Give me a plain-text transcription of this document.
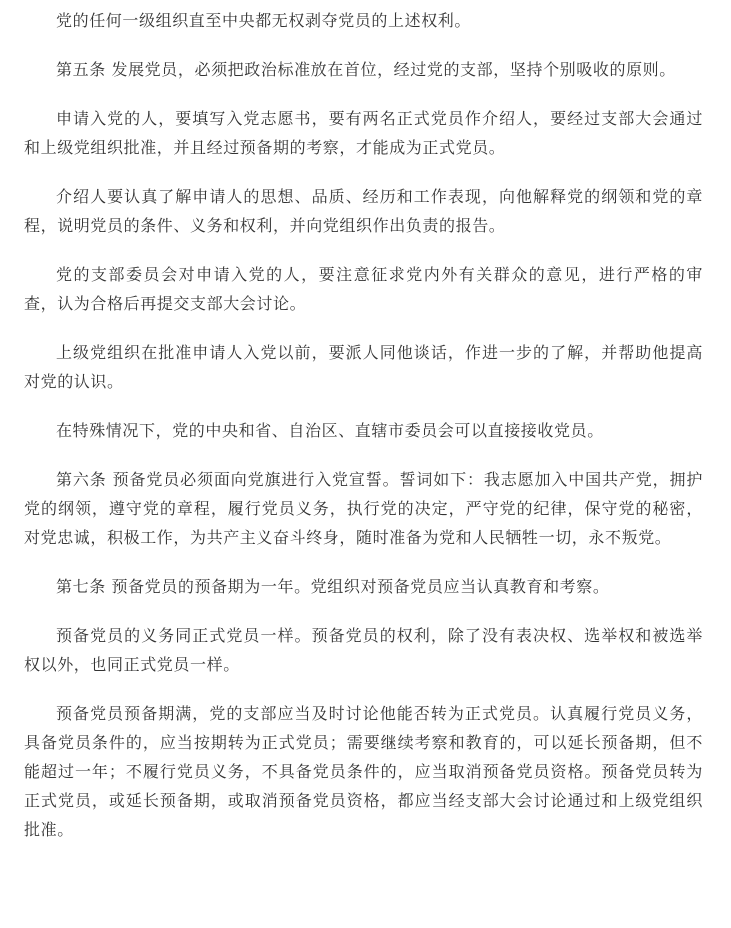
党的任何一级组织直至中央都无权剥夺党员的上述权利。

第五条 发展党员，必须把政治标准放在首位，经过党的支部，坚持个别吸收的原则。

申请入党的人，要填写入党志愿书，要有两名正式党员作介绍人，要经过支部大会通过和上级党组织批准，并且经过预备期的考察，才能成为正式党员。

介绍人要认真了解申请人的思想、品质、经历和工作表现，向他解释党的纲领和党的章程，说明党员的条件、义务和权利，并向党组织作出负责的报告。

党的支部委员会对申请入党的人，要注意征求党内外有关群众的意见，进行严格的审查，认为合格后再提交支部大会讨论。

上级党组织在批准申请人入党以前，要派人同他谈话，作进一步的了解，并帮助他提高对党的认识。

在特殊情况下，党的中央和省、自治区、直辖市委员会可以直接接收党员。

第六条 预备党员必须面向党旗进行入党宣誓。誓词如下：我志愿加入中国共产党，拥护党的纲领，遵守党的章程，履行党员义务，执行党的决定，严守党的纪律，保守党的秘密，对党忠诚，积极工作，为共产主义奋斗终身，随时准备为党和人民牺牲一切，永不叛党。

第七条 预备党员的预备期为一年。党组织对预备党员应当认真教育和考察。

预备党员的义务同正式党员一样。预备党员的权利，除了没有表决权、选举权和被选举权以外，也同正式党员一样。

预备党员预备期满，党的支部应当及时讨论他能否转为正式党员。认真履行党员义务，具备党员条件的，应当按期转为正式党员；需要继续考察和教育的，可以延长预备期，但不能超过一年；不履行党员义务，不具备党员条件的，应当取消预备党员资格。预备党员转为正式党员，或延长预备期，或取消预备党员资格，都应当经支部大会讨论通过和上级党组织批准。
